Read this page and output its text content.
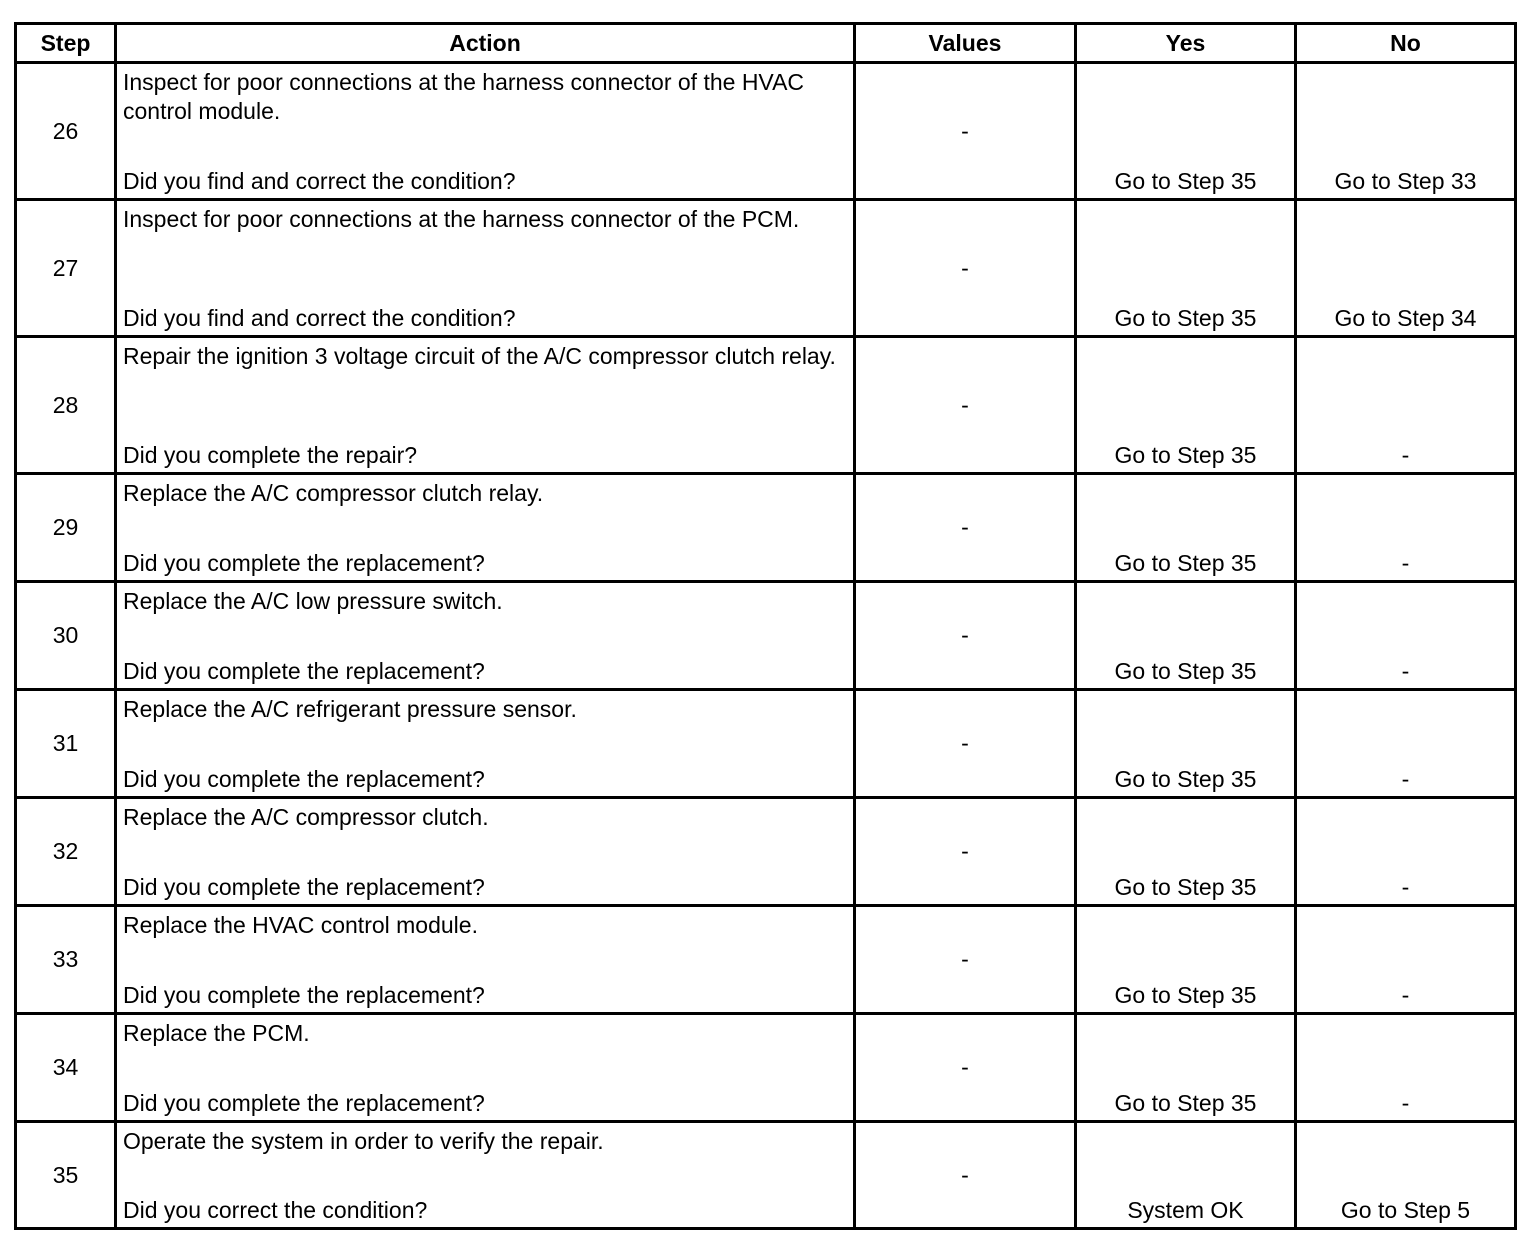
Step	Action	Values	Yes	No
26	Inspect for poor connections at the harness connector of the HVAC control module.
Did you find and correct the condition?	-	Go to Step 35	Go to Step 33
27	Inspect for poor connections at the harness connector of the PCM.
Did you find and correct the condition?	-	Go to Step 35	Go to Step 34
28	Repair the ignition 3 voltage circuit of the A/C compressor clutch relay.
Did you complete the repair?	-	Go to Step 35	-
29	Replace the A/C compressor clutch relay.
Did you complete the replacement?	-	Go to Step 35	-
30	Replace the A/C low pressure switch.
Did you complete the replacement?	-	Go to Step 35	-
31	Replace the A/C refrigerant pressure sensor.
Did you complete the replacement?	-	Go to Step 35	-
32	Replace the A/C compressor clutch.
Did you complete the replacement?	-	Go to Step 35	-
33	Replace the HVAC control module.
Did you complete the replacement?	-	Go to Step 35	-
34	Replace the PCM.
Did you complete the replacement?	-	Go to Step 35	-
35	Operate the system in order to verify the repair.
Did you correct the condition?	-	System OK	Go to Step 5
